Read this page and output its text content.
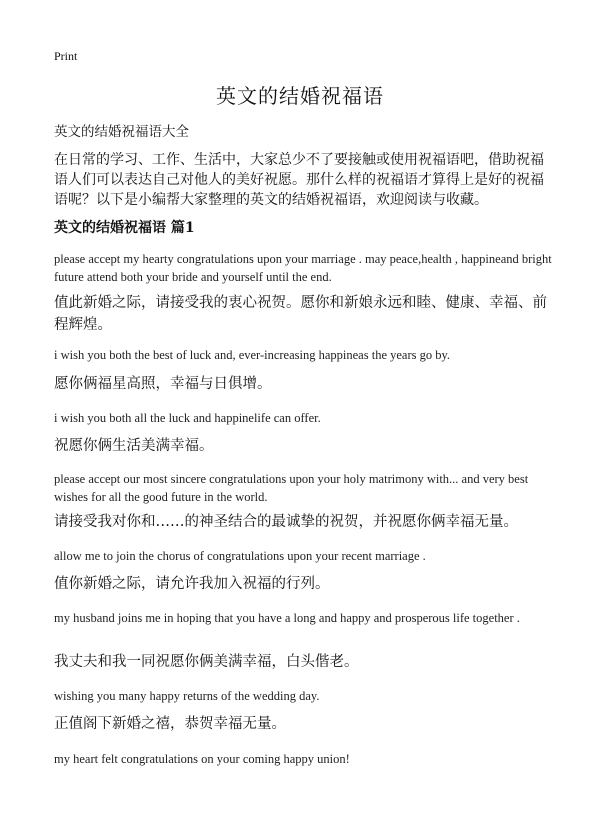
Print

英文的结婚祝福语

英文的结婚祝福语大全

在日常的学习、工作、生活中，大家总少不了要接触或使用祝福语吧，借助祝福语人们可以表达自己对他人的美好祝愿。那什么样的祝福语才算得上是好的祝福语呢？以下是小编帮大家整理的英文的结婚祝福语，欢迎阅读与收藏。

英文的结婚祝福语 篇1

please accept my hearty congratulations upon your marriage . may peace,health , happineand bright future attend both your bride and yourself until the end.

值此新婚之际，请接受我的衷心祝贺。愿你和新娘永远和睦、健康、幸福、前程辉煌。

i wish you both the best of luck and, ever-increasing happineas the years go by.

愿你俩福星高照，幸福与日俱增。

i wish you both all the luck and happinelife can offer.

祝愿你俩生活美满幸福。

please accept our most sincere congratulations upon your holy matrimony with... and very best wishes for all the good future in the world.

请接受我对你和……的神圣结合的最诚挚的祝贺，并祝愿你俩幸福无量。

allow me to join the chorus of congratulations upon your recent marriage .

值你新婚之际，请允许我加入祝福的行列。

my husband joins me in hoping that you have a long and happy and prosperous life together .

我丈夫和我一同祝愿你俩美满幸福，白头偕老。

wishing you many happy returns of the wedding day.

正值阁下新婚之禧，恭贺幸福无量。

my heart felt congratulations on your coming happy union!
